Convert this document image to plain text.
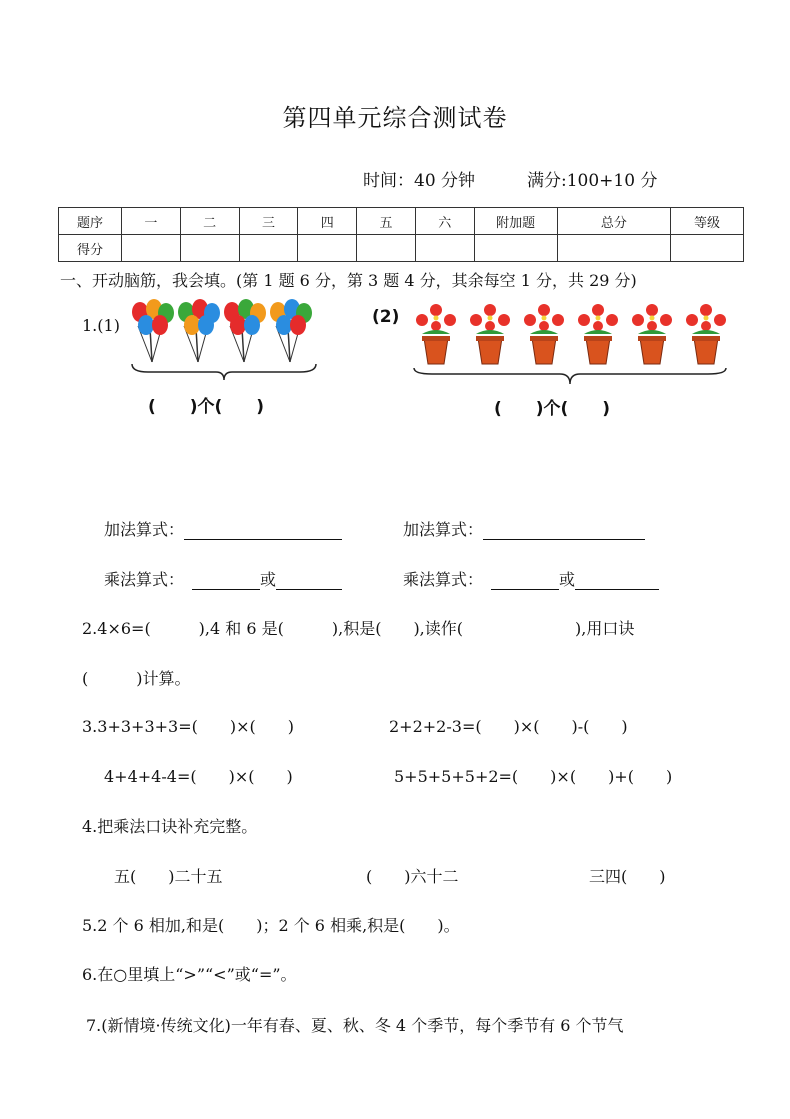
第四单元综合测试卷
时间：40 分钟	满分:100+10 分
题序	一	二	三	四	五	六	附加题	总分	等级
得分									
一、开动脑筋，我会填。(第 1 题 6 分，第 3 题 4 分，其余每空 1 分，共 29 分)
1.(1)
(　　)个(　　)
(2)
(　　)个(　　)
加法算式：	加法算式：
乘法算式：	或	乘法算式：	或
2.4×6=(　　　),4 和 6 是(　　　),积是(　　),读作(　　　　　　　),用口诀
(　　　)计算。
3.3+3+3+3=(　　)×(　　)	2+2+2-3=(　　)×(　　)-(　　)
4+4+4-4=(　　)×(　　)	5+5+5+5+2=(　　)×(　　)+(　　)
4.把乘法口诀补充完整。
五(　　)二十五	(　　)六十二	三四(　　)
5.2 个 6 相加,和是(　　)；2 个 6 相乘,积是(　　)。
6.在○里填上“>”“<”或“=”。
7.(新情境·传统文化)一年有春、夏、秋、冬 4 个季节，每个季节有 6 个节气
